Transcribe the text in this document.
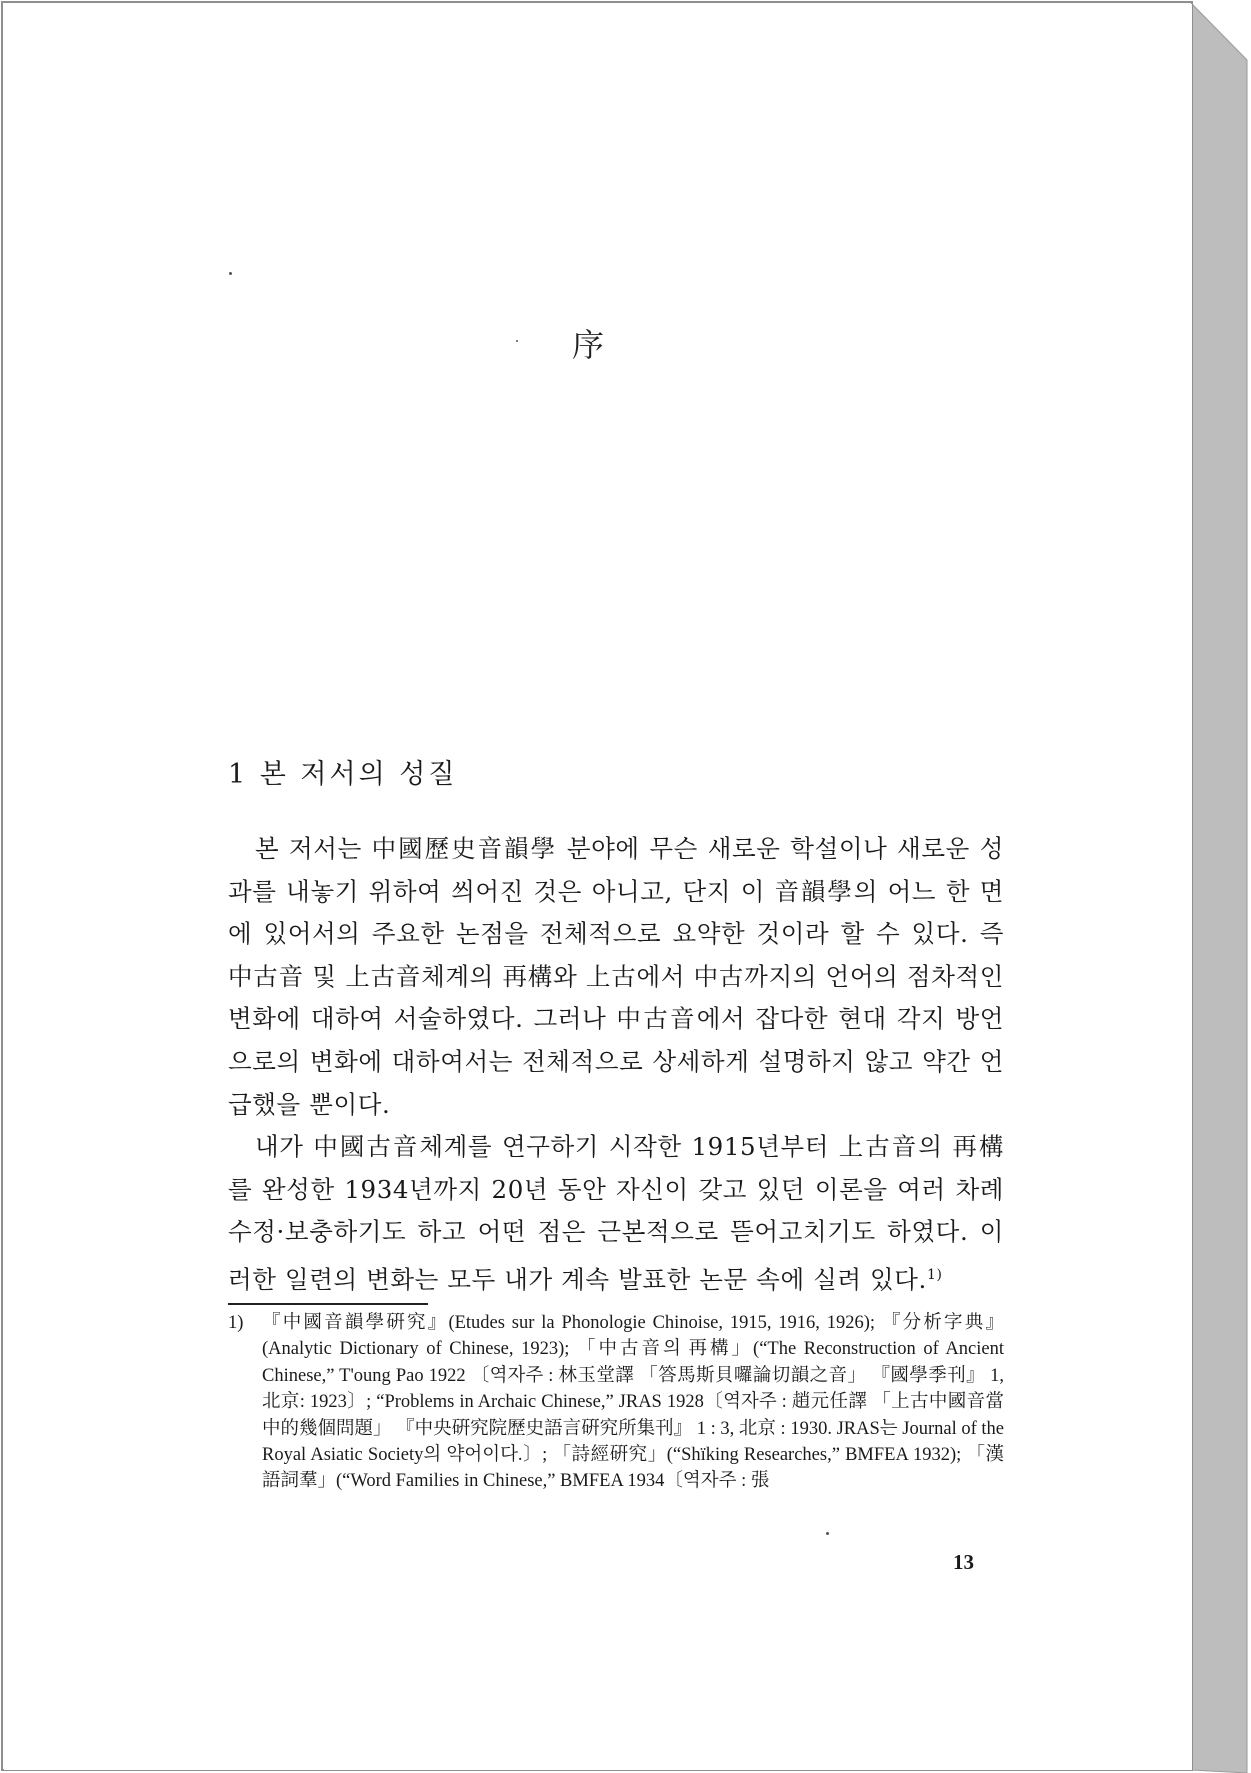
序
1 본 저서의 성질

본 저서는 中國歷史音韻學 분야에 무슨 새로운 학설이나 새로운 성과를 내놓기 위하여 씌어진 것은 아니고, 단지 이 音韻學의 어느 한 면에 있어서의 주요한 논점을 전체적으로 요약한 것이라 할 수 있다. 즉 中古音 및 上古音체계의 再構와 上古에서 中古까지의 언어의 점차적인 변화에 대하여 서술하였다. 그러나 中古音에서 잡다한 현대 각지 방언으로의 변화에 대하여서는 전체적으로 상세하게 설명하지 않고 약간 언급했을 뿐이다.

내가 中國古音체계를 연구하기 시작한 1915년부터 上古音의 再構를 완성한 1934년까지 20년 동안 자신이 갖고 있던 이론을 여러 차례 수정·보충하기도 하고 어떤 점은 근본적으로 뜯어고치기도 하였다. 이러한 일련의 변화는 모두 내가 계속 발표한 논문 속에 실려 있다.$^{1)}$

1) 『中國音韻學硏究』(Etudes sur la Phonologie Chinoise, 1915, 1916, 1926); 『分析字典』(Analytic Dictionary of Chinese, 1923); 「中古音의 再構」(“The Reconstruction of Ancient Chinese,” T'oung Pao 1922 〔역자주 : 林玉堂譯 「答馬斯貝囉論切韻之音」 『國學季刊』 1, 北京: 1923〕; “Problems in Archaic Chinese,” JRAS 1928〔역자주 : 趙元任譯 「上古中國音當中的幾個問題」 『中央硏究院歷史語言硏究所集刊』 1 : 3, 北京 : 1930. JRAS는 Journal of the Royal Asiatic Society의 약어이다.〕; 「詩經硏究」(“Shïking Researches,” BMFEA 1932); 「漢語詞羣」(“Word Families in Chinese,” BMFEA 1934〔역자주 : 張
13
